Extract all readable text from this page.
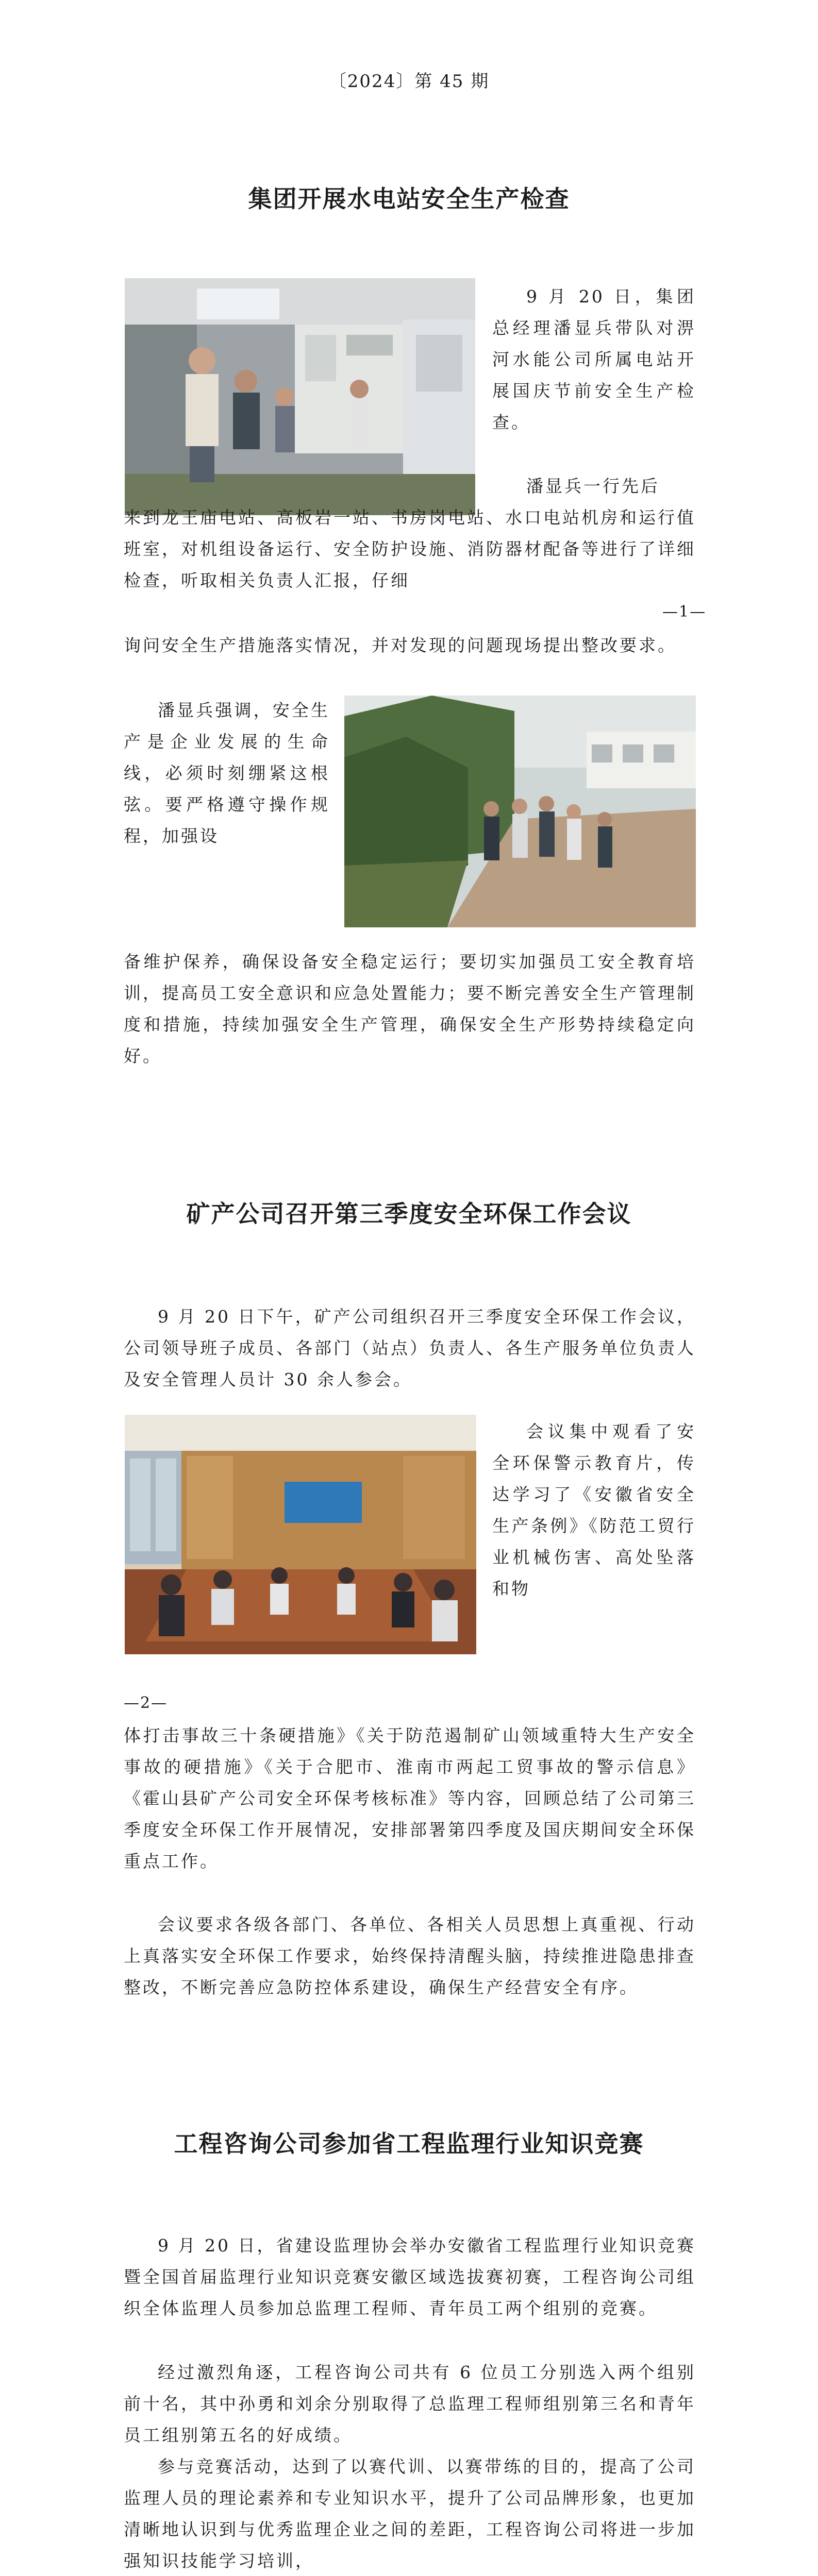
〔2024〕第 45 期
集团开展水电站安全生产检查

9 月 20 日，集团总经理潘显兵带队对淠河水能公司所属电站开展国庆节前安全生产检查。

潘显兵一行先后

来到龙王庙电站、高板岩一站、书房岗电站、水口电站机房和运行值班室，对机组设备运行、安全防护设施、消防器材配备等进行了详细检查，听取相关负责人汇报，仔细

—1—

询问安全生产措施落实情况，并对发现的问题现场提出整改要求。

潘显兵强调，安全生产是企业发展的生命线，必须时刻绷紧这根弦。要严格遵守操作规程，加强设

备维护保养，确保设备安全稳定运行；要切实加强员工安全教育培训，提高员工安全意识和应急处置能力；要不断完善安全生产管理制度和措施，持续加强安全生产管理，确保安全生产形势持续稳定向好。

矿产公司召开第三季度安全环保工作会议

9 月 20 日下午，矿产公司组织召开三季度安全环保工作会议，公司领导班子成员、各部门（站点）负责人、各生产服务单位负责人及安全管理人员计 30 余人参会。

会议集中观看了安全环保警示教育片，传达学习了《安徽省安全生产条例》《防范工贸行业机械伤害、高处坠落和物

—2—

体打击事故三十条硬措施》《关于防范遏制矿山领域重特大生产安全事故的硬措施》《关于合肥市、淮南市两起工贸事故的警示信息》《霍山县矿产公司安全环保考核标准》等内容，回顾总结了公司第三季度安全环保工作开展情况，安排部署第四季度及国庆期间安全环保重点工作。

会议要求各级各部门、各单位、各相关人员思想上真重视、行动上真落实安全环保工作要求，始终保持清醒头脑，持续推进隐患排查整改，不断完善应急防控体系建设，确保生产经营安全有序。

工程咨询公司参加省工程监理行业知识竞赛

9 月 20 日，省建设监理协会举办安徽省工程监理行业知识竞赛暨全国首届监理行业知识竞赛安徽区域选拔赛初赛，工程咨询公司组织全体监理人员参加总监理工程师、青年员工两个组别的竞赛。

经过激烈角逐，工程咨询公司共有 6 位员工分别选入两个组别前十名，其中孙勇和刘余分别取得了总监理工程师组别第三名和青年员工组别第五名的好成绩。

参与竞赛活动，达到了以赛代训、以赛带练的目的，提高了公司监理人员的理论素养和专业知识水平，提升了公司品牌形象，也更加清晰地认识到与优秀监理企业之间的差距，工程咨询公司将进一步加强知识技能学习培训，
